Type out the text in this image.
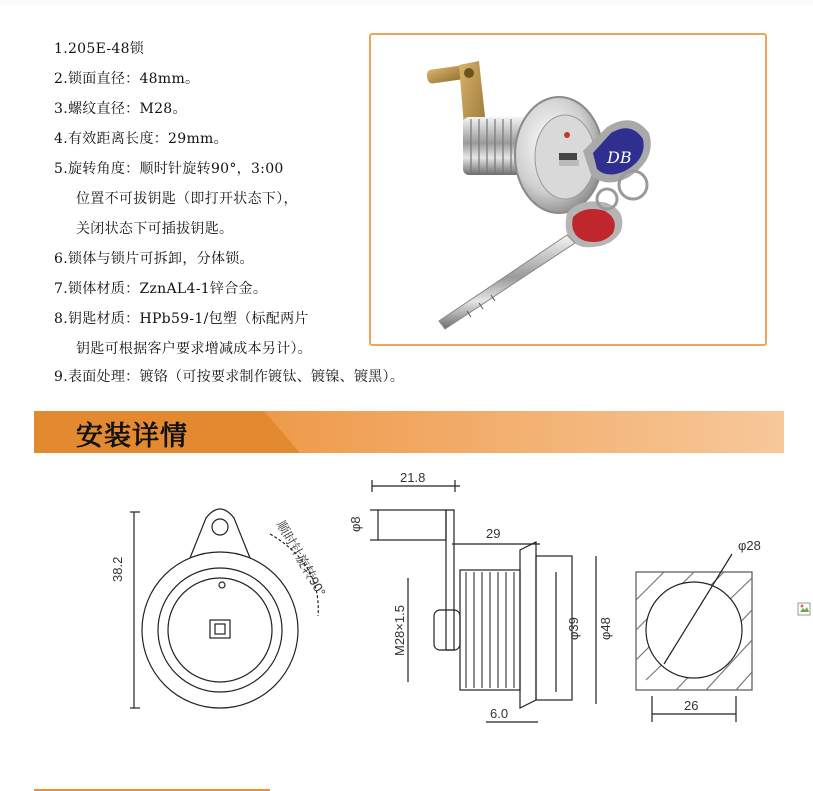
1.205E-48锁
2.锁面直径：48mm。
3.螺纹直径：M28。
4.有效距离长度：29mm。
5.旋转角度：顺时针旋转90°，3:00
位置不可拔钥匙（即打开状态下），
关闭状态下可插拔钥匙。
6.锁体与锁片可拆卸，分体锁。
7.锁体材质：ZznAL4-1锌合金。
8.钥匙材质：HPb59-1/包塑（标配两片
钥匙可根据客户要求增减成本另计）。
9.表面处理：镀铬（可按要求制作镀钛、镀镍、镀黑）。
DB
安装详情
38.2	顺时针旋转90°
21.8
φ8
29
M28×1.5	φ39 φ48
6.0
φ28
26
